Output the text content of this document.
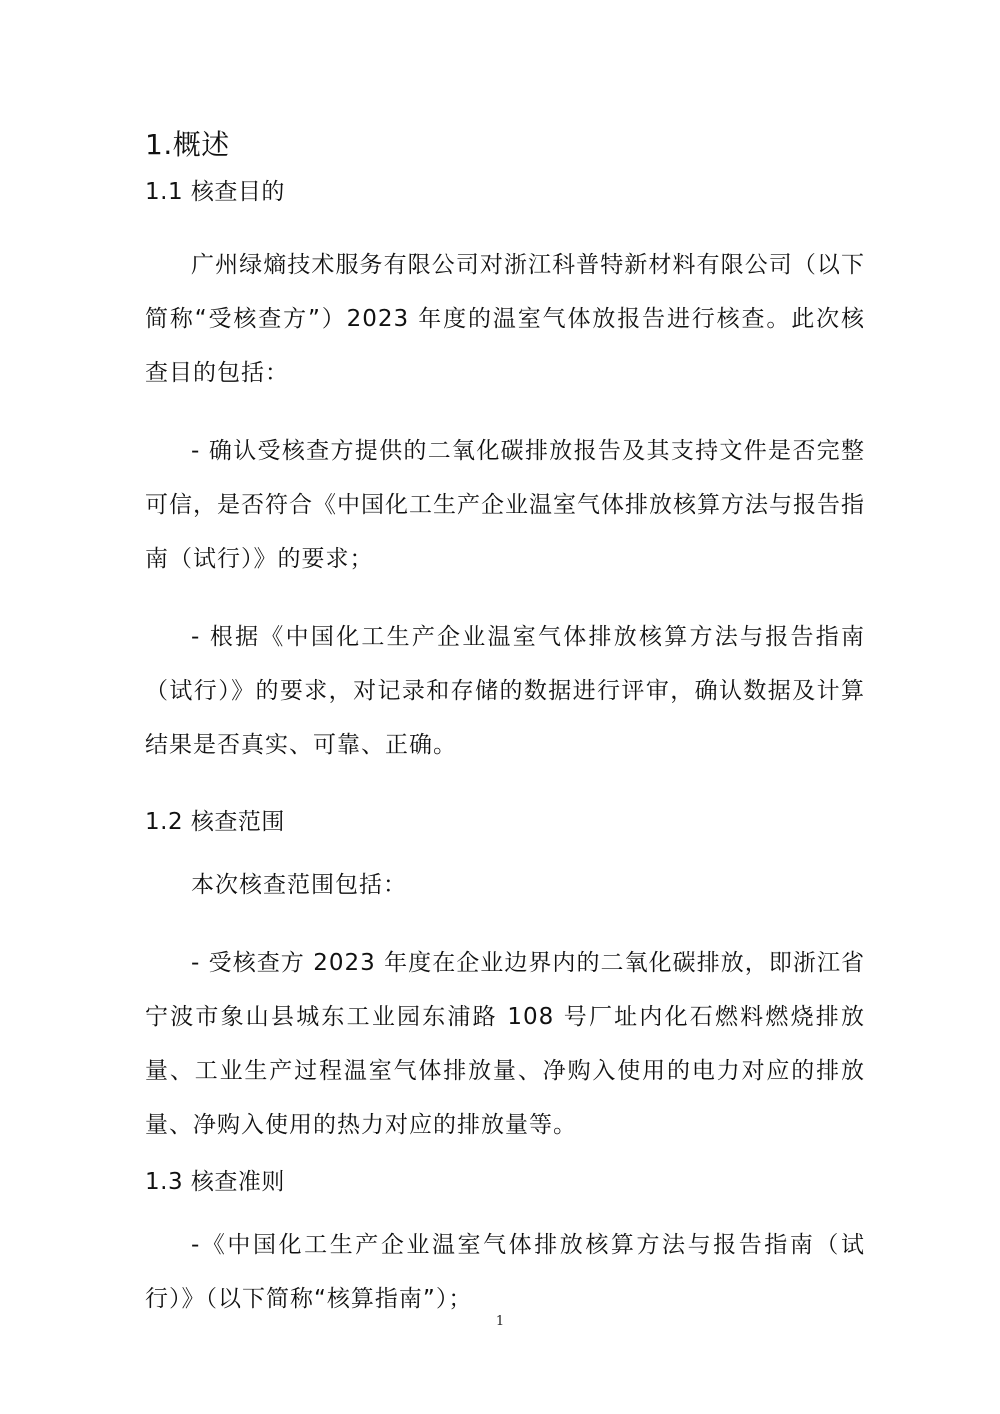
1.概述
1.1 核查目的

广州绿熵技术服务有限公司对浙江科普特新材料有限公司（以下简称“受核查方”）2023 年度的温室气体放报告进行核查。此次核查目的包括：

- 确认受核查方提供的二氧化碳排放报告及其支持文件是否完整可信，是否符合《中国化工生产企业温室气体排放核算方法与报告指南（试行）》的要求；

- 根据《中国化工生产企业温室气体排放核算方法与报告指南（试行）》的要求，对记录和存储的数据进行评审，确认数据及计算结果是否真实、可靠、正确。

1.2 核查范围

本次核查范围包括：

- 受核查方 2023 年度在企业边界内的二氧化碳排放，即浙江省宁波市象山县城东工业园东浦路 108 号厂址内化石燃料燃烧排放量、工业生产过程温室气体排放量、净购入使用的电力对应的排放量、净购入使用的热力对应的排放量等。

1.3 核查准则

-《中国化工生产企业温室气体排放核算方法与报告指南（试行）》（以下简称“核算指南”）；

1
